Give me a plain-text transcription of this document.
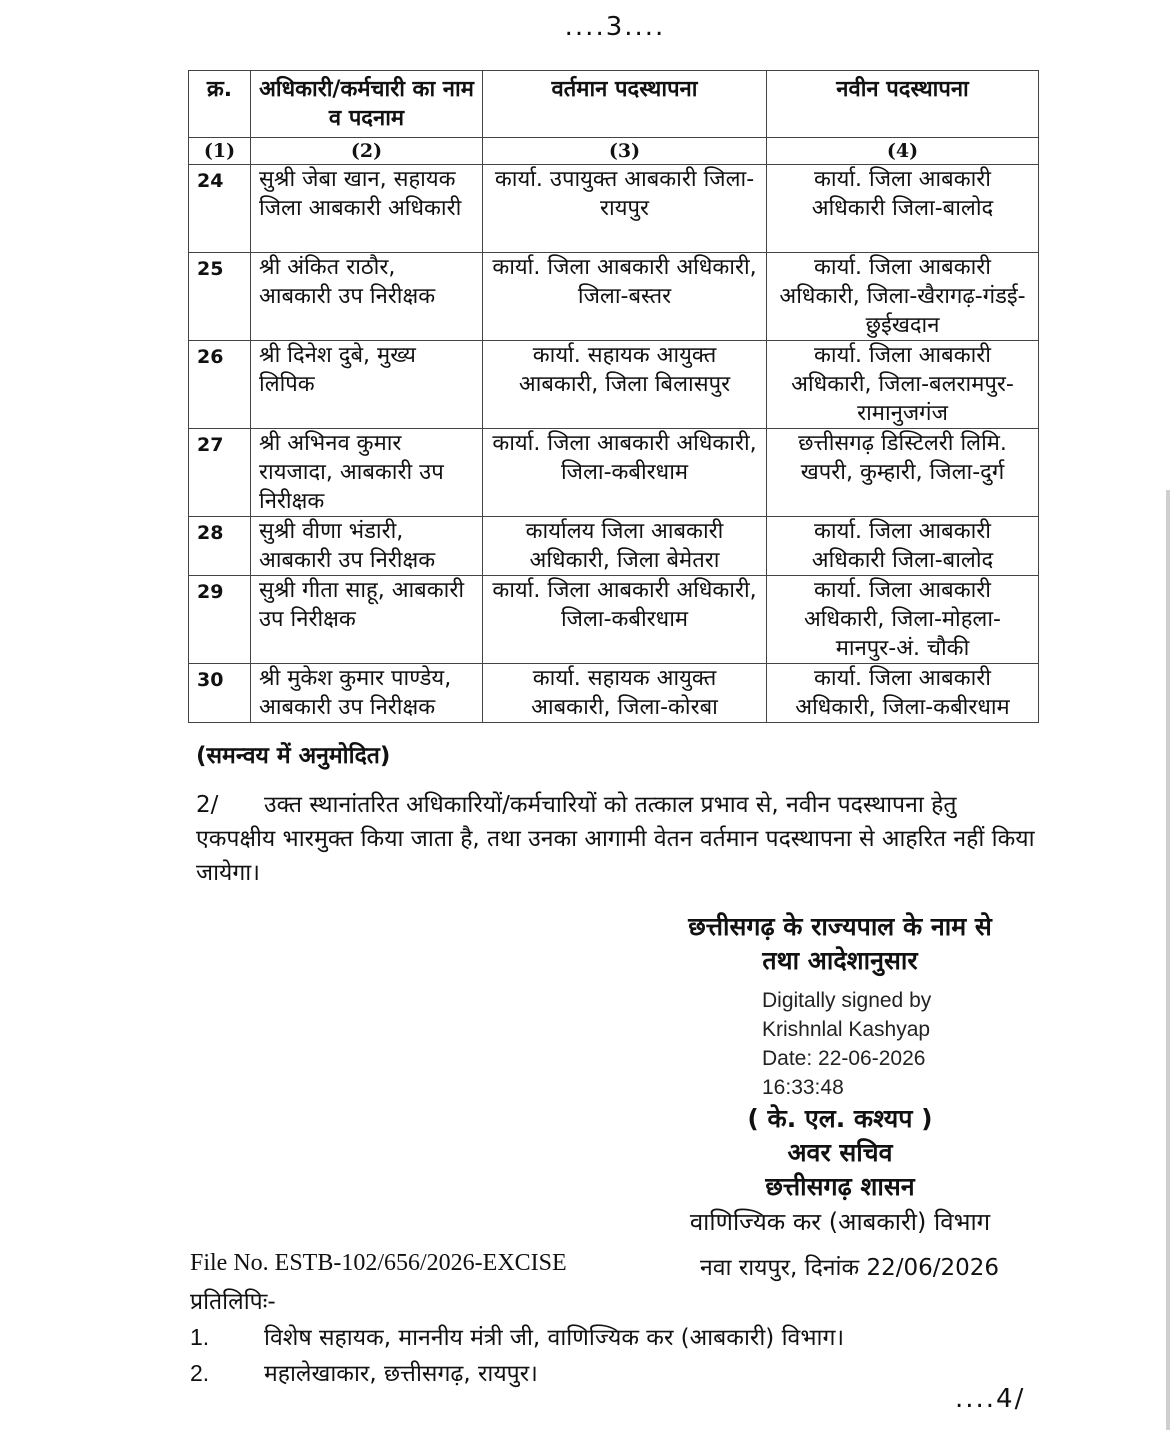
....3....
क्र.	अधिकारी/कर्मचारी का नाम व पदनाम	वर्तमान पदस्थापना	नवीन पदस्थापना
(1)	(2)	(3)	(4)
24	सुश्री जेबा खान, सहायक जिला आबकारी अधिकारी	कार्या. उपायुक्त आबकारी जिला-रायपुर	कार्या. जिला आबकारी अधिकारी जिला-बालोद
25	श्री अंकित राठौर, आबकारी उप निरीक्षक	कार्या. जिला आबकारी अधिकारी, जिला-बस्तर	कार्या. जिला आबकारी अधिकारी, जिला-खैरागढ़-गंडई-छुईखदान
26	श्री दिनेश दुबे, मुख्य लिपिक	कार्या. सहायक आयुक्त आबकारी, जिला बिलासपुर	कार्या. जिला आबकारी अधिकारी, जिला-बलरामपुर-रामानुजगंज
27	श्री अभिनव कुमार रायजादा, आबकारी उप निरीक्षक	कार्या. जिला आबकारी अधिकारी, जिला-कबीरधाम	छत्तीसगढ़ डिस्टिलरी लिमि. खपरी, कुम्हारी, जिला-दुर्ग
28	सुश्री वीणा भंडारी, आबकारी उप निरीक्षक	कार्यालय जिला आबकारी अधिकारी, जिला बेमेतरा	कार्या. जिला आबकारी अधिकारी जिला-बालोद
29	सुश्री गीता साहू, आबकारी उप निरीक्षक	कार्या. जिला आबकारी अधिकारी, जिला-कबीरधाम	कार्या. जिला आबकारी अधिकारी, जिला-मोहला-मानपुर-अं. चौकी
30	श्री मुकेश कुमार पाण्डेय, आबकारी उप निरीक्षक	कार्या. सहायक आयुक्त आबकारी, जिला-कोरबा	कार्या. जिला आबकारी अधिकारी, जिला-कबीरधाम
(समन्वय में अनुमोदित)
2/ उक्त स्थानांतरित अधिकारियों/कर्मचारियों को तत्काल प्रभाव से, नवीन पदस्थापना हेतु एकपक्षीय भारमुक्त किया जाता है, तथा उनका आगामी वेतन वर्तमान पदस्थापना से आहरित नहीं किया जायेगा।
छत्तीसगढ़ के राज्यपाल के नाम से
तथा आदेशानुसार
Digitally signed by
Krishnlal Kashyap
Date: 22-06-2026
16:33:48
( के. एल. कश्यप )
अवर सचिव
छत्तीसगढ़ शासन
वाणिज्यिक कर (आबकारी) विभाग
File No. ESTB-102/656/2026-EXCISE	नवा रायपुर, दिनांक 22/06/2026
प्रतिलिपिः-
1. विशेष सहायक, माननीय मंत्री जी, वाणिज्यिक कर (आबकारी) विभाग।
2. महालेखाकार, छत्तीसगढ़, रायपुर।
....4/
